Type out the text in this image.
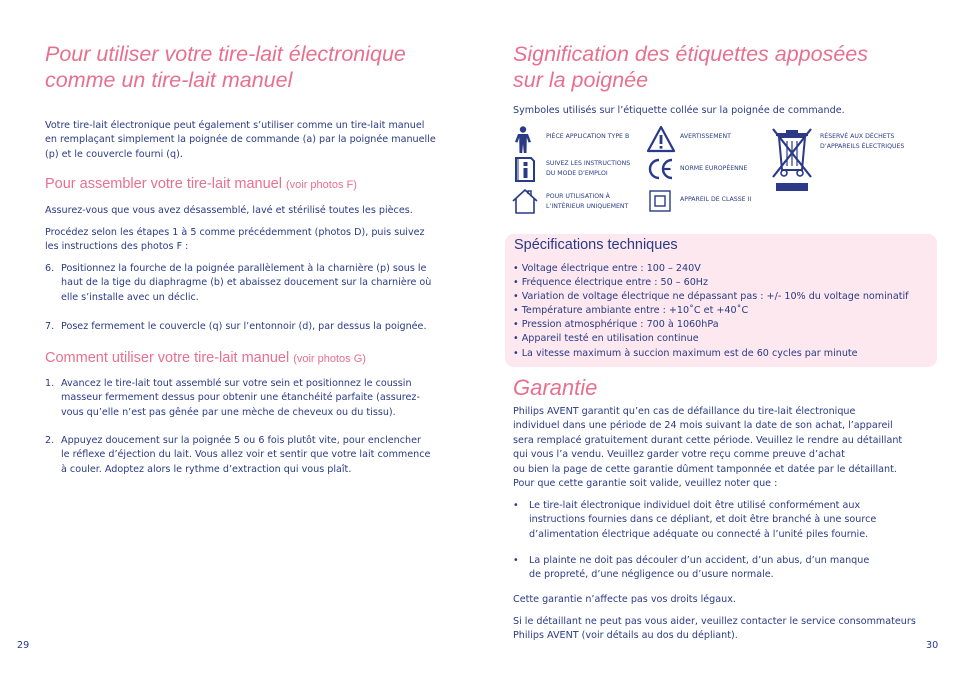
Pour utiliser votre tire-lait électronique
comme un tire-lait manuel
Votre tire-lait électronique peut également s’utiliser comme un tire-lait manuel
en remplaçant simplement la poignée de commande (a) par la poignée manuelle
(p) et le couvercle fourni (q).
Pour assembler votre tire-lait manuel (voir photos F)
Assurez-vous que vous avez désassemblé, lavé et stérilisé toutes les pièces.
Procédez selon les étapes 1 à 5 comme précédemment (photos D), puis suivez
les instructions des photos F :
6. Positionnez la fourche de la poignée parallèlement à la charnière (p) sous le
haut de la tige du diaphragme (b) et abaissez doucement sur la charnière où
elle s’installe avec un déclic.
7. Posez fermement le couvercle (q) sur l’entonnoir (d), par dessus la poignée.
Comment utiliser votre tire-lait manuel (voir photos G)
1. Avancez le tire-lait tout assemblé sur votre sein et positionnez le coussin
masseur fermement dessus pour obtenir une étanchéité parfaite (assurez-
vous qu’elle n’est pas gênée par une mèche de cheveux ou du tissu).
2. Appuyez doucement sur la poignée 5 ou 6 fois plutôt vite, pour enclencher
le réflexe d’éjection du lait. Vous allez voir et sentir que votre lait commence
à couler. Adoptez alors le rythme d’extraction qui vous plaît.
29
Signification des étiquettes apposées
sur la poignée
Symboles utilisés sur l’étiquette collée sur la poignée de commande.
PIÈCE APPLICATION TYPE B
SUIVEZ LES INSTRUCTIONS
DU MODE D’EMPLOI
POUR UTILISATION À
L’INTÉRIEUR UNIQUEMENT
AVERTISSEMENT
NORME EUROPÉENNE
APPAREIL DE CLASSE II
RÉSERVÉ AUX DÉCHETS
D’APPAREILS ÉLECTRIQUES
Spécifications techniques
• Voltage électrique entre : 100 – 240V
• Fréquence électrique entre : 50 – 60Hz
• Variation de voltage électrique ne dépassant pas : +/- 10% du voltage nominatif
• Température ambiante entre : +10˚C et +40˚C
• Pression atmosphérique : 700 à 1060hPa
• Appareil testé en utilisation continue
• La vitesse maximum à succion maximum est de 60 cycles par minute
Garantie
Philips AVENT garantit qu’en cas de défaillance du tire-lait électronique
individuel dans une période de 24 mois suivant la date de son achat, l’appareil
sera remplacé gratuitement durant cette période. Veuillez le rendre au détaillant
qui vous l’a vendu. Veuillez garder votre reçu comme preuve d’achat
ou bien la page de cette garantie dûment tamponnée et datée par le détaillant.
Pour que cette garantie soit valide, veuillez noter que :
• Le tire-lait électronique individuel doit être utilisé conformément aux
instructions fournies dans ce dépliant, et doit être branché à une source
d’alimentation électrique adéquate ou connecté à l’unité piles fournie.
• La plainte ne doit pas découler d’un accident, d’un abus, d’un manque
de propreté, d’une négligence ou d’usure normale.
Cette garantie n’affecte pas vos droits légaux.
Si le détaillant ne peut pas vous aider, veuillez contacter le service consommateurs
Philips AVENT (voir détails au dos du dépliant).
30
